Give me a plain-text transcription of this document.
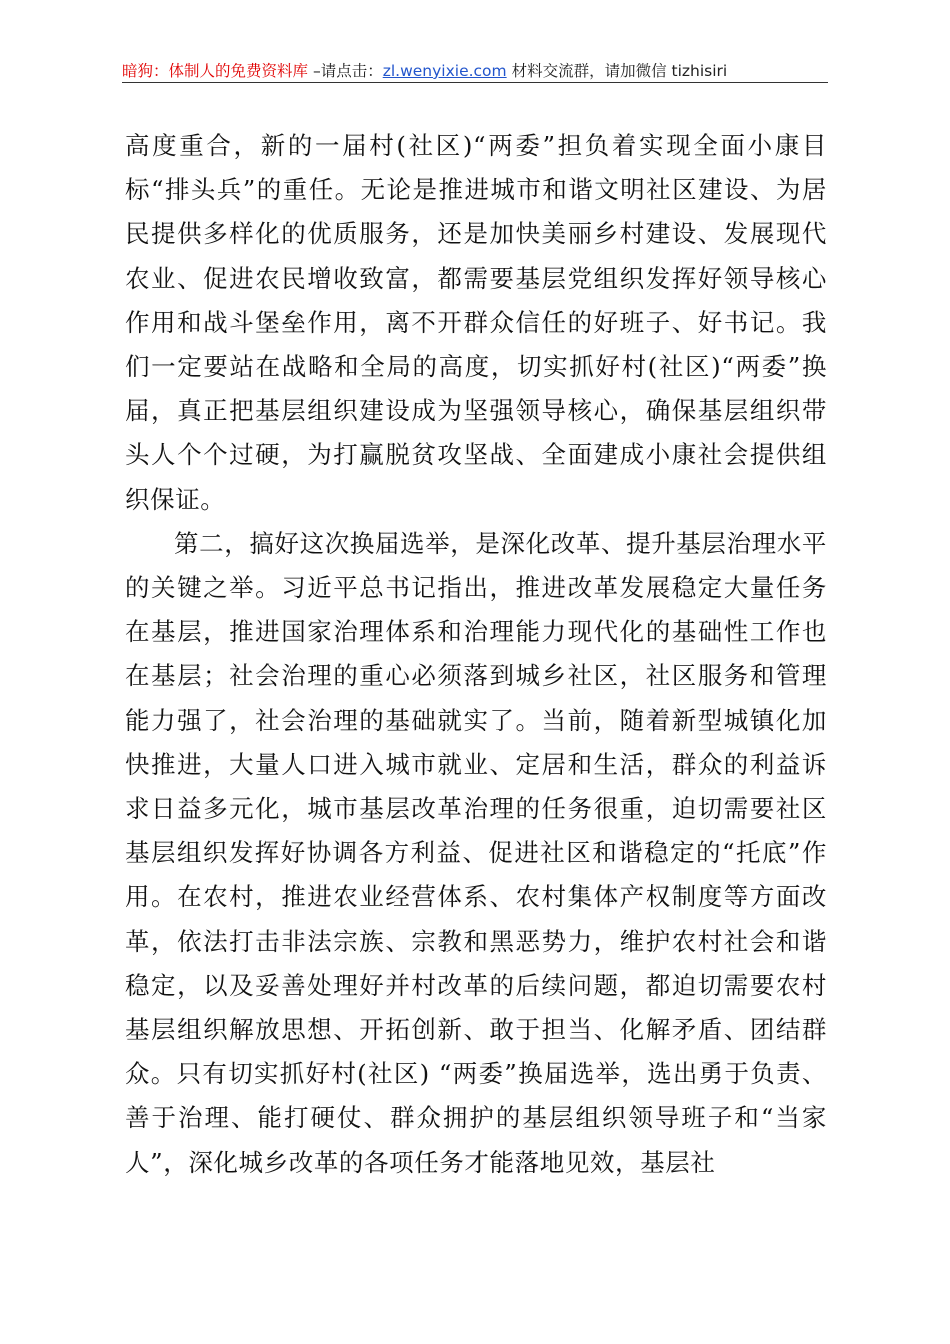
暗狗：体制人的免费资料库 –请点击：zl.wenyixie.com 材料交流群，请加微信 tizhisiri

高度重合，新的一届村(社区)“两委”担负着实现全面小康目标“排头兵”的重任。无论是推进城市和谐文明社区建设、为居民提供多样化的优质服务，还是加快美丽乡村建设、发展现代农业、促进农民增收致富，都需要基层党组织发挥好领导核心作用和战斗堡垒作用，离不开群众信任的好班子、好书记。我们一定要站在战略和全局的高度，切实抓好村(社区)“两委”换届，真正把基层组织建设成为坚强领导核心，确保基层组织带头人个个过硬，为打赢脱贫攻坚战、全面建成小康社会提供组织保证。

第二，搞好这次换届选举，是深化改革、提升基层治理水平的关键之举。习近平总书记指出，推进改革发展稳定大量任务在基层，推进国家治理体系和治理能力现代化的基础性工作也在基层；社会治理的重心必须落到城乡社区，社区服务和管理能力强了，社会治理的基础就实了。当前，随着新型城镇化加快推进，大量人口进入城市就业、定居和生活，群众的利益诉求日益多元化，城市基层改革治理的任务很重，迫切需要社区基层组织发挥好协调各方利益、促进社区和谐稳定的“托底”作用。在农村，推进农业经营体系、农村集体产权制度等方面改革，依法打击非法宗族、宗教和黑恶势力，维护农村社会和谐稳定，以及妥善处理好并村改革的后续问题，都迫切需要农村基层组织解放思想、开拓创新、敢于担当、化解矛盾、团结群众。只有切实抓好村(社区) “两委”换届选举，选出勇于负责、善于治理、能打硬仗、群众拥护的基层组织领导班子和“当家人”，深化城乡改革的各项任务才能落地见效，基层社
